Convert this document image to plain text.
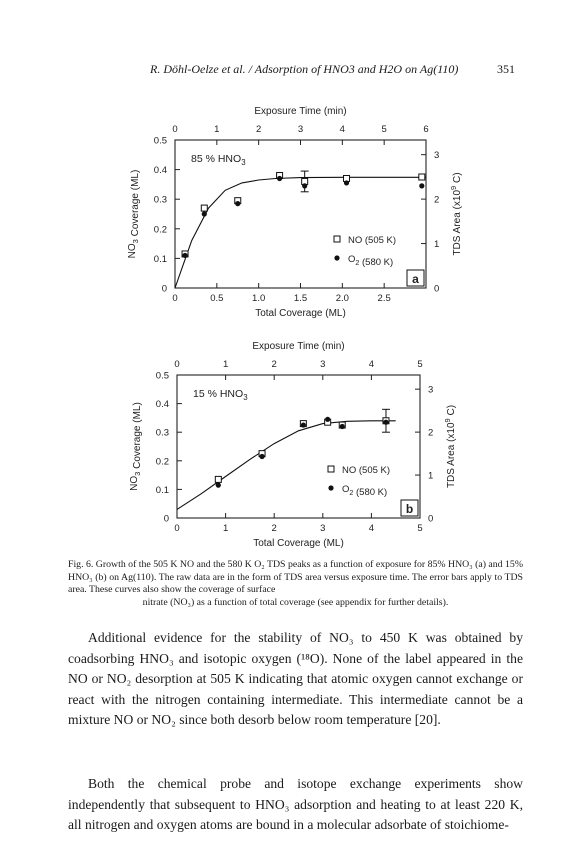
R. Döhl-Oelze et al. / Adsorption of HNO3 and H2O on Ag(110)	351
Exposure Time (min)
0	0.5	1.0	1.5	2.0	2.5
0
0.1
0.2
0.3
0.4
0.5
0	1	2	3	4	5	6
0
1
2
3
Total Coverage (ML)
$NO_3$ Coverage (ML)	TDS Area ($x10^9$ C)
85 % $HNO_3$
NO (505 K)
$O_2$ (580 K)
a
Exposure Time (min)
0	1	2	3	4	5
0
0.1
0.2
0.3
0.4
0.5
0	1	2	3	4	5
0
1
2
3
Total Coverage (ML)
$NO_3$ Coverage (ML)	TDS Area ($x10^9$ C)
15 % $HNO_3$
NO (505 K)
$O_2$ (580 K)
b
Fig. 6. Growth of the 505 K NO and the 580 K O₂ TDS peaks as a function of exposure for 85% HNO₃ (a) and 15% HNO₃ (b) on Ag(110). The raw data are in the form of TDS area versus exposure time. The error bars apply to TDS area. These curves also show the coverage of surface
nitrate (NO₃) as a function of total coverage (see appendix for further details).
Additional evidence for the stability of NO₃ to 450 K was obtained by coadsorbing HNO₃ and isotopic oxygen (¹⁸O). None of the label appeared in the NO or NO₂ desorption at 505 K indicating that atomic oxygen cannot exchange or react with the nitrogen containing intermediate. This intermediate cannot be a mixture NO or NO₂ since both desorb below room temperature [20].
Both the chemical probe and isotope exchange experiments show independently that subsequent to HNO₃ adsorption and heating to at least 220 K, all nitrogen and oxygen atoms are bound in a molecular adsorbate of stoichiome-
